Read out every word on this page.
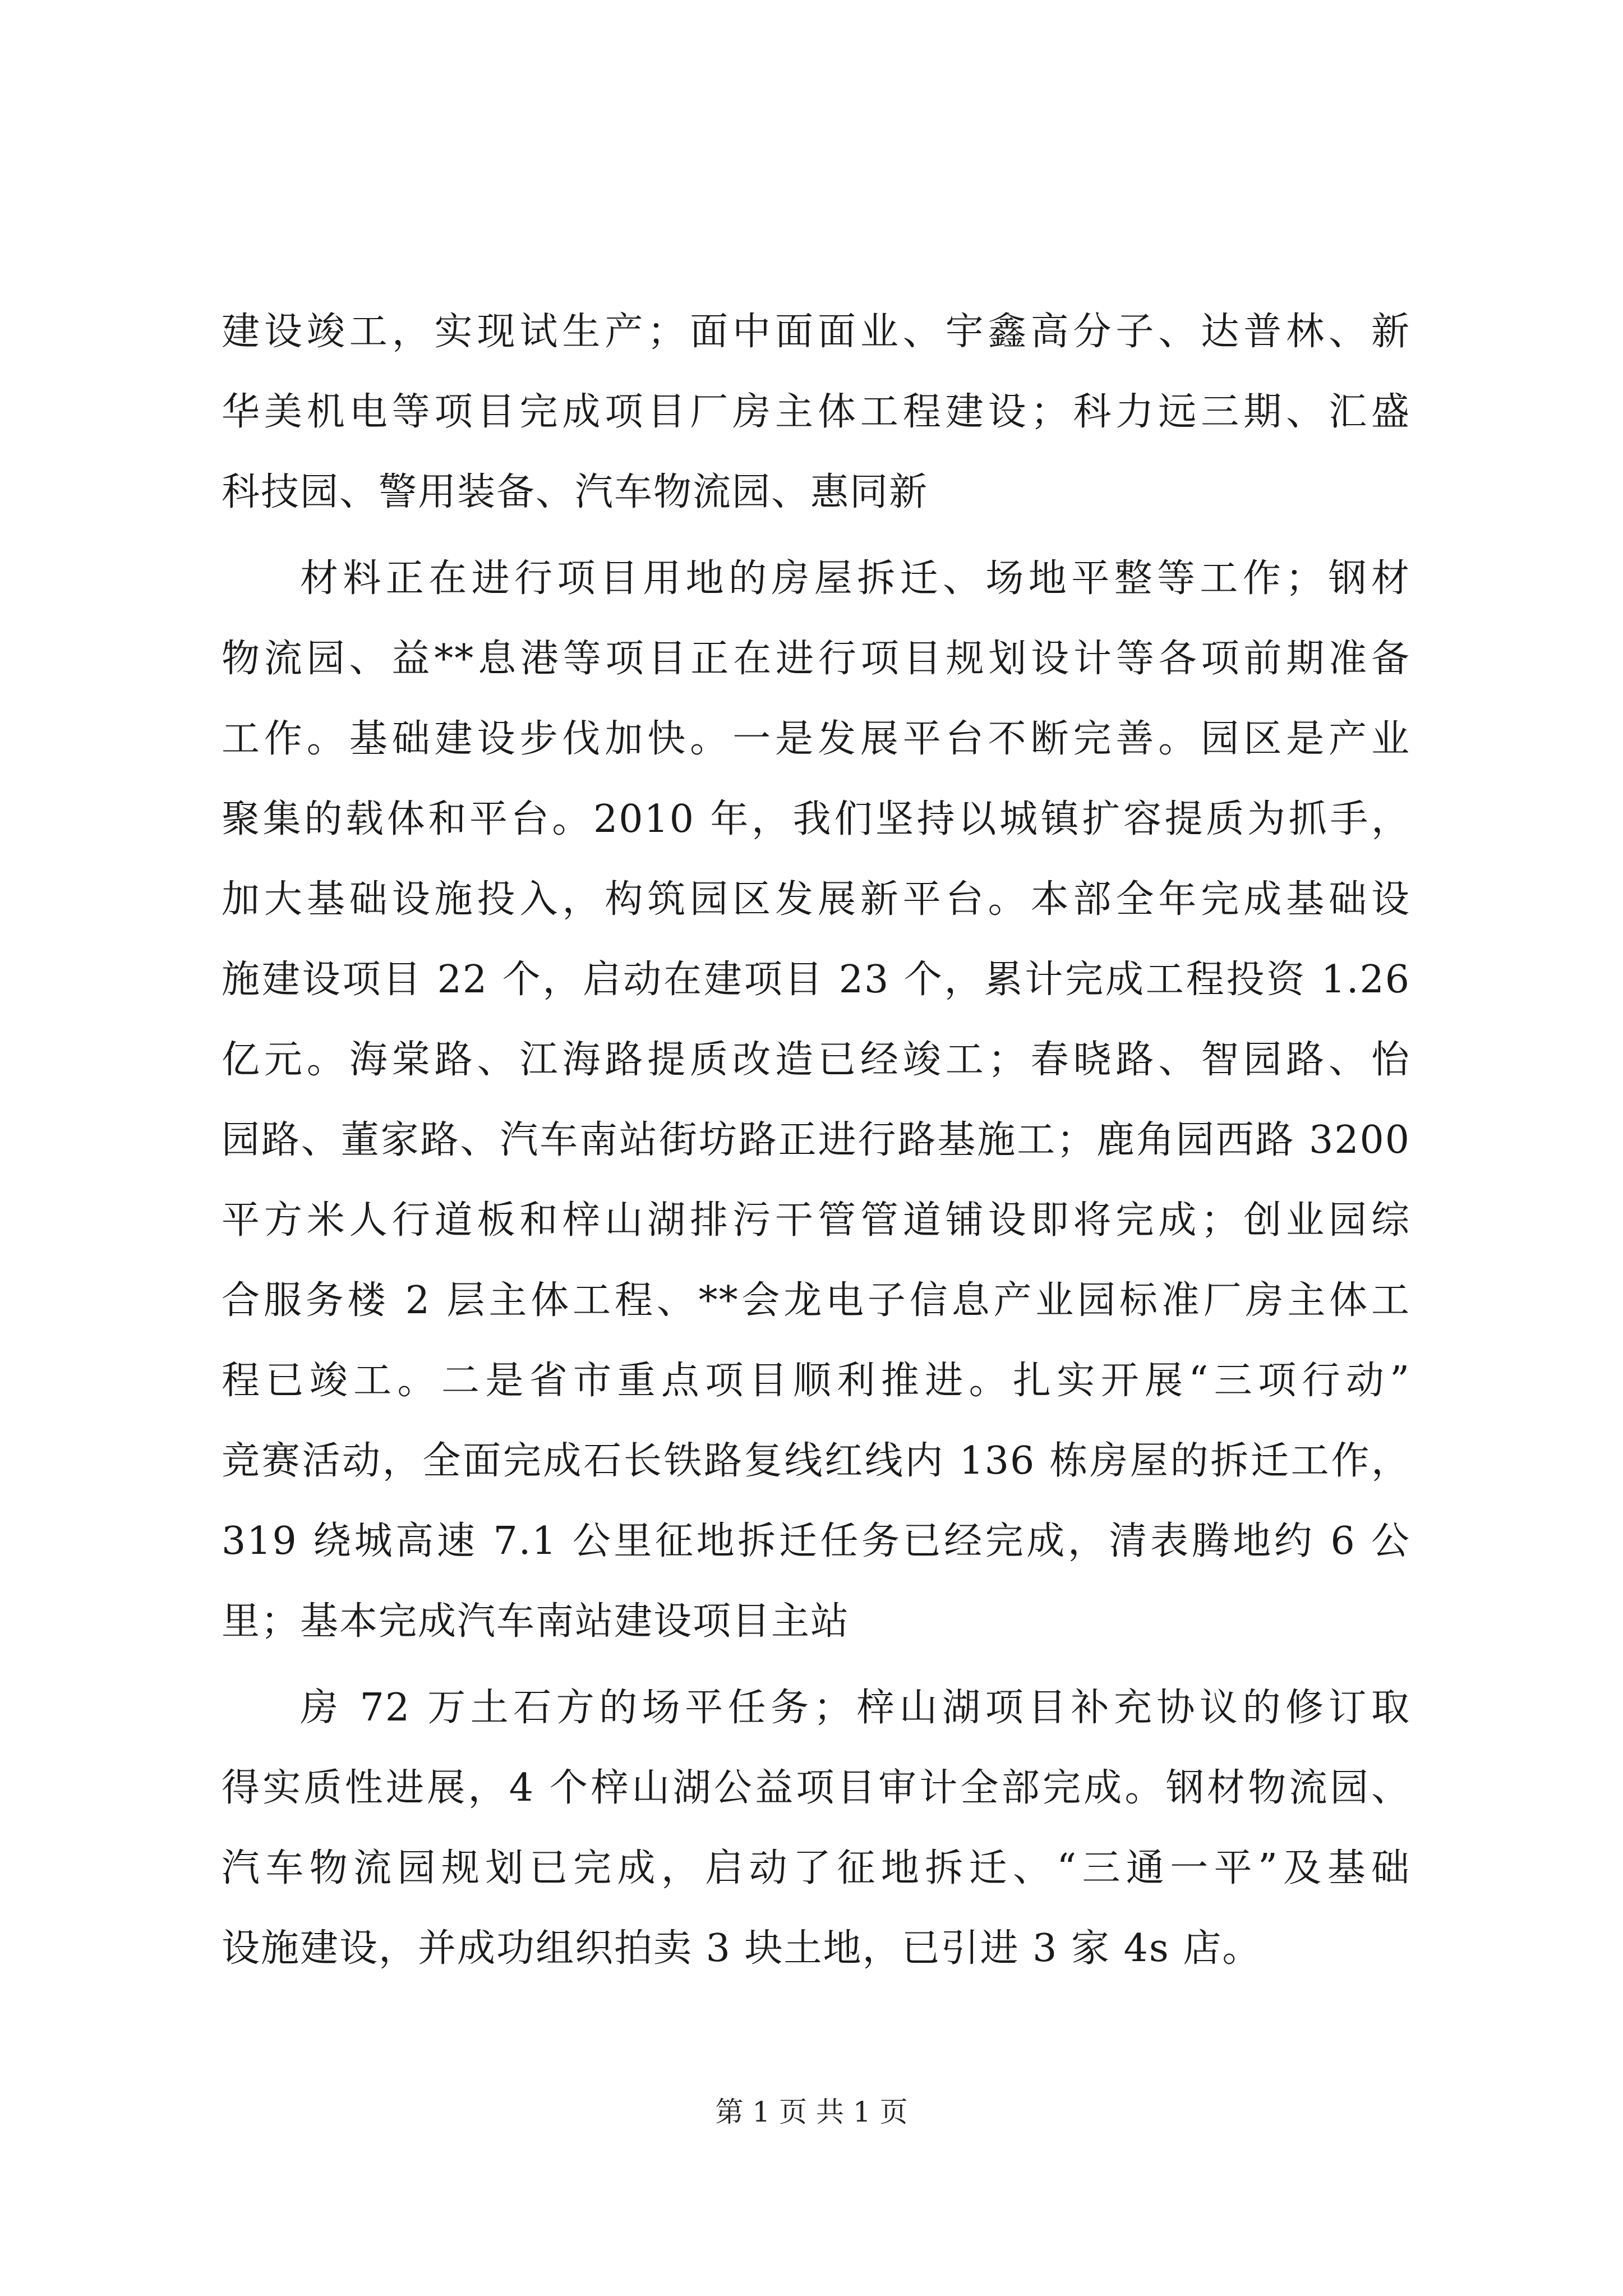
建设竣工，实现试生产；面中面面业、宇鑫高分子、达普林、新
华美机电等项目完成项目厂房主体工程建设；科力远三期、汇盛
科技园、警用装备、汽车物流园、惠同新
材料正在进行项目用地的房屋拆迁、场地平整等工作；钢材
物流园、益**息港等项目正在进行项目规划设计等各项前期准备
工作。基础建设步伐加快。一是发展平台不断完善。园区是产业
聚集的载体和平台。2010 年，我们坚持以城镇扩容提质为抓手，
加大基础设施投入，构筑园区发展新平台。本部全年完成基础设
施建设项目 22 个，启动在建项目 23 个，累计完成工程投资 1.26
亿元。海棠路、江海路提质改造已经竣工；春晓路、智园路、怡
园路、董家路、汽车南站街坊路正进行路基施工；鹿角园西路 3200
平方米人行道板和梓山湖排污干管管道铺设即将完成；创业园综
合服务楼 2 层主体工程、**会龙电子信息产业园标准厂房主体工
程已竣工。二是省市重点项目顺利推进。扎实开展“三项行动”
竞赛活动，全面完成石长铁路复线红线内 136 栋房屋的拆迁工作，
319 绕城高速 7.1 公里征地拆迁任务已经完成，清表腾地约 6 公
里；基本完成汽车南站建设项目主站
房 72 万土石方的场平任务；梓山湖项目补充协议的修订取
得实质性进展，4 个梓山湖公益项目审计全部完成。钢材物流园、
汽车物流园规划已完成，启动了征地拆迁、“三通一平”及基础
设施建设，并成功组织拍卖 3 块土地，已引进 3 家 4s 店。
第 1 页 共 1 页
